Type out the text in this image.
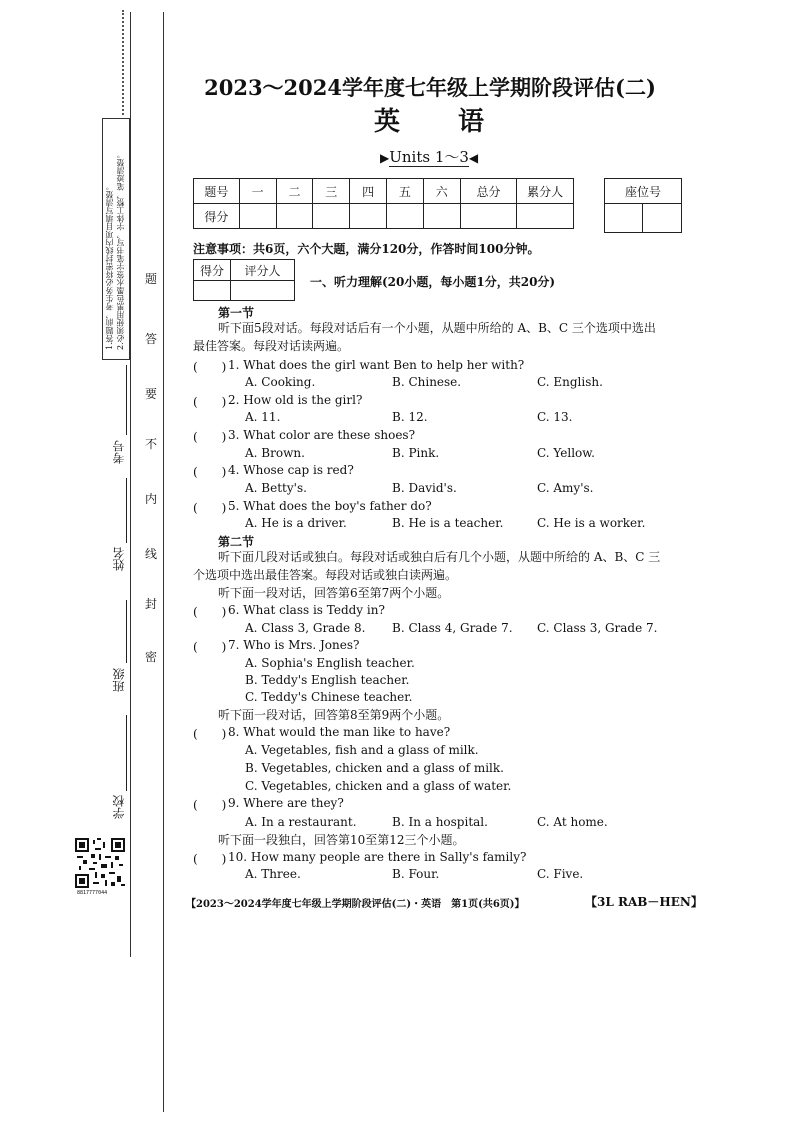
1.答题前，考生务必将密封线内项目填写清楚。 2.必须使用黑色墨水签字笔书写，字体工整，笔迹清楚。 题
答
要
不
内
线
封
密
考号
姓名
班级
学校
8817777044
2023～2024学年度七年级上学期阶段评估(二)
英　　语
▶Units 1～3◀
题号	一	二	三	四	五	六	总分	累分人
得分								
座位号

注意事项：共6页，六个大题，满分120分，作答时间100分钟。
得分	评分人

一、听力理解(20小题，每小题1分，共20分)
第一节
听下面5段对话。每段对话后有一个小题，从题中所给的 A、B、C 三个选项中选出
最佳答案。每段对话读两遍。
(　　) 1. What does the girl want Ben to help her with?
A. Cooking.	B. Chinese.	C. English.
(　　) 2. How old is the girl?
A. 11.	B. 12.	C. 13.
(　　) 3. What color are these shoes?
A. Brown.	B. Pink.	C. Yellow.
(　　) 4. Whose cap is red?
A. Betty's.	B. David's.	C. Amy's.
(　　) 5. What does the boy's father do?
A. He is a driver.	B. He is a teacher.	C. He is a worker.
第二节
听下面几段对话或独白。每段对话或独白后有几个小题，从题中所给的 A、B、C 三
个选项中选出最佳答案。每段对话或独白读两遍。
听下面一段对话，回答第6至第7两个小题。
(　　) 6. What class is Teddy in?
A. Class 3, Grade 8. B. Class 4, Grade 7. C. Class 3, Grade 7.
(　　) 7. Who is Mrs. Jones?
A. Sophia's English teacher.
B. Teddy's English teacher.
C. Teddy's Chinese teacher.
听下面一段对话，回答第8至第9两个小题。
(　　) 8. What would the man like to have?
A. Vegetables, fish and a glass of milk.
B. Vegetables, chicken and a glass of milk.
C. Vegetables, chicken and a glass of water.
(　　) 9. Where are they?
A. In a restaurant.	B. In a hospital.	C. At home.
听下面一段独白，回答第10至第12三个小题。
(　　) 10. How many people are there in Sally's family?
A. Three.	B. Four.	C. Five.
【2023～2024学年度七年级上学期阶段评估(二)・英语　第1页(共6页)】	【3L RAB－HEN】
